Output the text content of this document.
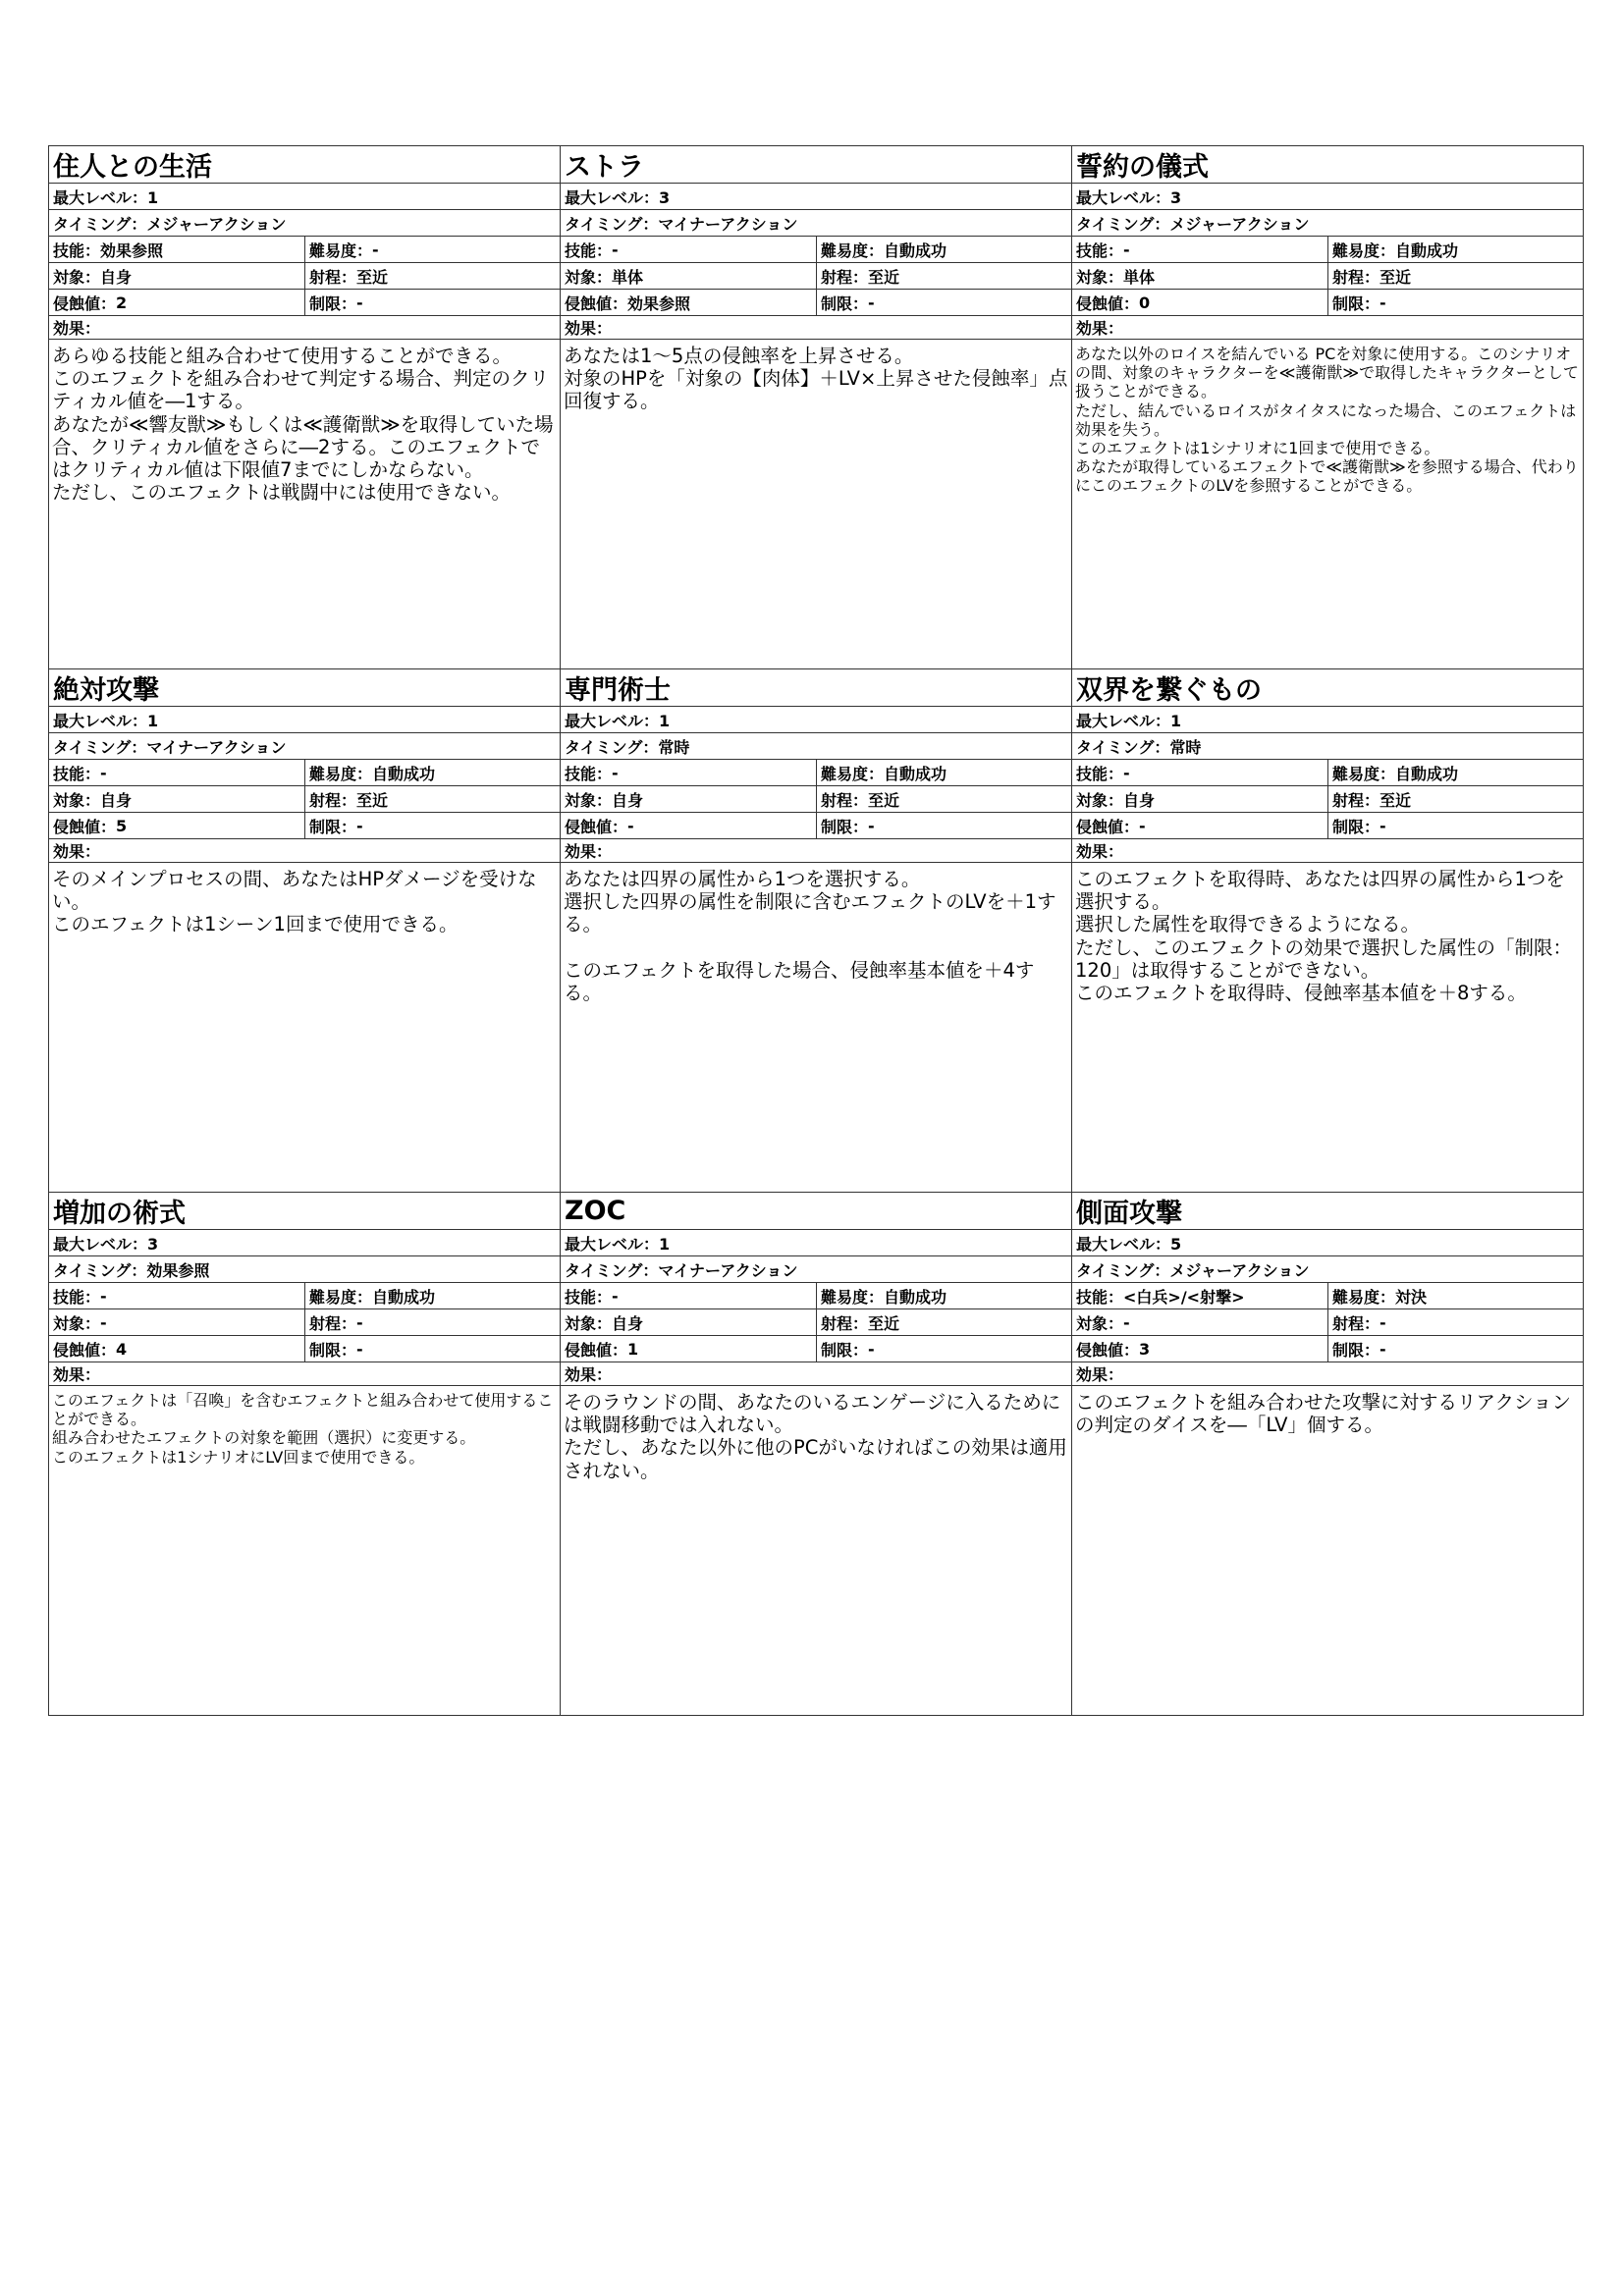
住人との生活
最大レベル：1
タイミング：メジャーアクション
技能： 効果参照	難易度： -
対象： 自身	射程： 至近
侵蝕値： 2	制限： -
効果：
あらゆる技能と組み合わせて使用することができる。
このエフェクトを組み合わせて判定する場合、判定のクリティカル値を―1する。
あなたが≪響友獣≫もしくは≪護衛獣≫を取得していた場合、クリティカル値をさらに―2する。このエフェクトではクリティカル値は下限値7までにしかならない。
ただし、このエフェクトは戦闘中には使用できない。
ストラ
最大レベル：3
タイミング：マイナーアクション
技能： -	難易度： 自動成功
対象： 単体	射程： 至近
侵蝕値： 効果参照	制限： -
効果：
あなたは1～5点の侵蝕率を上昇させる。
対象のHPを「対象の【肉体】＋LV×上昇させた侵蝕率」点回復する。
誓約の儀式
最大レベル：3
タイミング：メジャーアクション
技能： -	難易度： 自動成功
対象： 単体	射程： 至近
侵蝕値： 0	制限： -
効果：
あなた以外のロイスを結んでいる PCを対象に使用する。このシナリオの間、対象のキャラクターを≪護衛獣≫で取得したキャラクターとして扱うことができる。
ただし、結んでいるロイスがタイタスになった場合、このエフェクトは効果を失う。
このエフェクトは1シナリオに1回まで使用できる。
あなたが取得しているエフェクトで≪護衛獣≫を参照する場合、代わりにこのエフェクトのLVを参照することができる。
絶対攻撃
最大レベル：1
タイミング：マイナーアクション
技能： -	難易度： 自動成功
対象： 自身	射程： 至近
侵蝕値： 5	制限： -
効果：
そのメインプロセスの間、あなたはHPダメージを受けない。
このエフェクトは1シーン1回まで使用できる。
専門術士
最大レベル：1
タイミング：常時
技能： -	難易度： 自動成功
対象： 自身	射程： 至近
侵蝕値： -	制限： -
効果：
あなたは四界の属性から1つを選択する。
選択した四界の属性を制限に含むエフェクトのLVを＋1する。

このエフェクトを取得した場合、侵蝕率基本値を＋4する。
双界を繋ぐもの
最大レベル：1
タイミング：常時
技能： -	難易度： 自動成功
対象： 自身	射程： 至近
侵蝕値： -	制限： -
効果：
このエフェクトを取得時、あなたは四界の属性から1つを選択する。
選択した属性を取得できるようになる。
ただし、このエフェクトの効果で選択した属性の「制限：120」は取得することができない。
このエフェクトを取得時、侵蝕率基本値を＋8する。
増加の術式
最大レベル：3
タイミング：効果参照
技能： -	難易度： 自動成功
対象： -	射程： -
侵蝕値： 4	制限： -
効果：
このエフェクトは「召喚」を含むエフェクトと組み合わせて使用することができる。
組み合わせたエフェクトの対象を範囲（選択）に変更する。
このエフェクトは1シナリオにLV回まで使用できる。
ZOC
最大レベル：1
タイミング：マイナーアクション
技能： -	難易度： 自動成功
対象： 自身	射程： 至近
侵蝕値： 1	制限： -
効果：
そのラウンドの間、あなたのいるエンゲージに入るためには戦闘移動では入れない。
ただし、あなた以外に他のPCがいなければこの効果は適用されない。
側面攻撃
最大レベル：5
タイミング：メジャーアクション
技能： <白兵>/<射撃>	難易度： 対決
対象： -	射程： -
侵蝕値： 3	制限： -
効果：
このエフェクトを組み合わせた攻撃に対するリアクションの判定のダイスを―「LV」個する。
